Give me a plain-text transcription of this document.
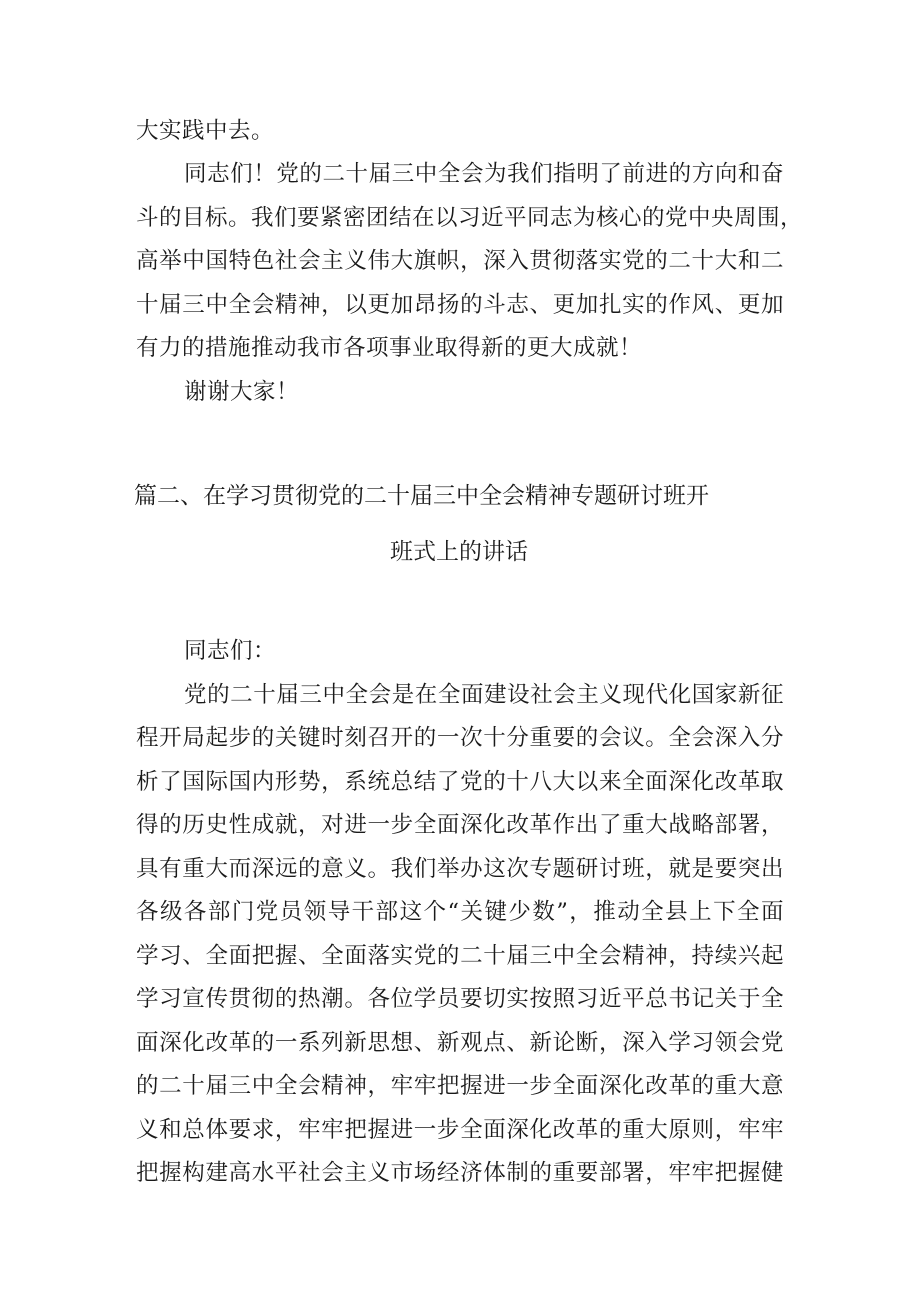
大实践中去。
同志们！党的二十届三中全会为我们指明了前进的方向和奋
斗的目标。我们要紧密团结在以习近平同志为核心的党中央周围，
高举中国特色社会主义伟大旗帜，深入贯彻落实党的二十大和二
十届三中全会精神，以更加昂扬的斗志、更加扎实的作风、更加
有力的措施推动我市各项事业取得新的更大成就！
谢谢大家！
篇二、在学习贯彻党的二十届三中全会精神专题研讨班开
班式上的讲话
同志们：
党的二十届三中全会是在全面建设社会主义现代化国家新征
程开局起步的关键时刻召开的一次十分重要的会议。全会深入分
析了国际国内形势，系统总结了党的十八大以来全面深化改革取
得的历史性成就，对进一步全面深化改革作出了重大战略部署，
具有重大而深远的意义。我们举办这次专题研讨班，就是要突出
各级各部门党员领导干部这个“关键少数”，推动全县上下全面
学习、全面把握、全面落实党的二十届三中全会精神，持续兴起
学习宣传贯彻的热潮。各位学员要切实按照习近平总书记关于全
面深化改革的一系列新思想、新观点、新论断，深入学习领会党
的二十届三中全会精神，牢牢把握进一步全面深化改革的重大意
义和总体要求，牢牢把握进一步全面深化改革的重大原则，牢牢
把握构建高水平社会主义市场经济体制的重要部署，牢牢把握健
